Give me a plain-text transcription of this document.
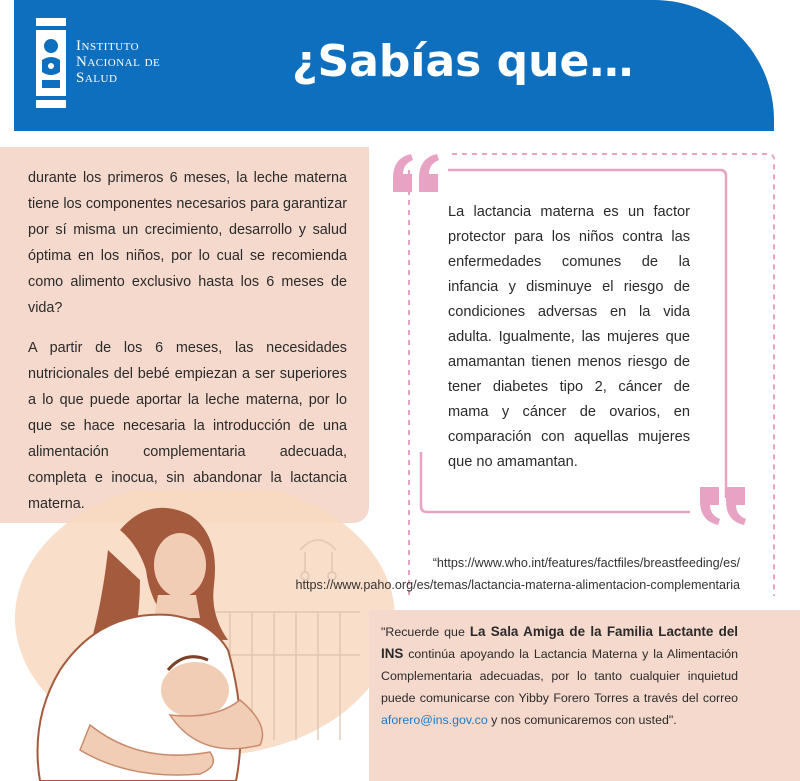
Instituto
Nacional de
Salud	¿Sabías que…

durante los primeros 6 meses, la leche materna tiene los componentes necesarios para garantizar por sí misma un crecimiento, desarrollo y salud óptima en los niños, por lo cual se recomienda como alimento exclusivo hasta los 6 meses de vida?

A partir de los 6 meses, las necesidades nutricionales del bebé empiezan a ser superiores a lo que puede aportar la leche materna, por lo que se hace necesaria la introducción de una alimentación complementaria adecuada, completa e inocua, sin abandonar la lactancia materna.

La lactancia materna es un factor protector para los niños contra las enfermedades comunes de la infancia y disminuye el riesgo de condiciones adversas en la vida adulta. Igualmente, las mujeres que amamantan tienen menos riesgo de tener diabetes tipo 2, cáncer de mama y cáncer de ovarios, en comparación con aquellas mujeres que no amamantan.
“https://www.who.int/features/factfiles/breastfeeding/es/
https://www.paho.org/es/temas/lactancia-materna-alimentacion-complementaria
"Recuerde que La Sala Amiga de la Familia Lactante del INS continúa apoyando la Lactancia Materna y la Alimentación Complementaria adecuadas, por lo tanto cualquier inquietud puede comunicarse con Yibby Forero Torres a través del correo aforero@ins.gov.co y nos comunicaremos con usted".
